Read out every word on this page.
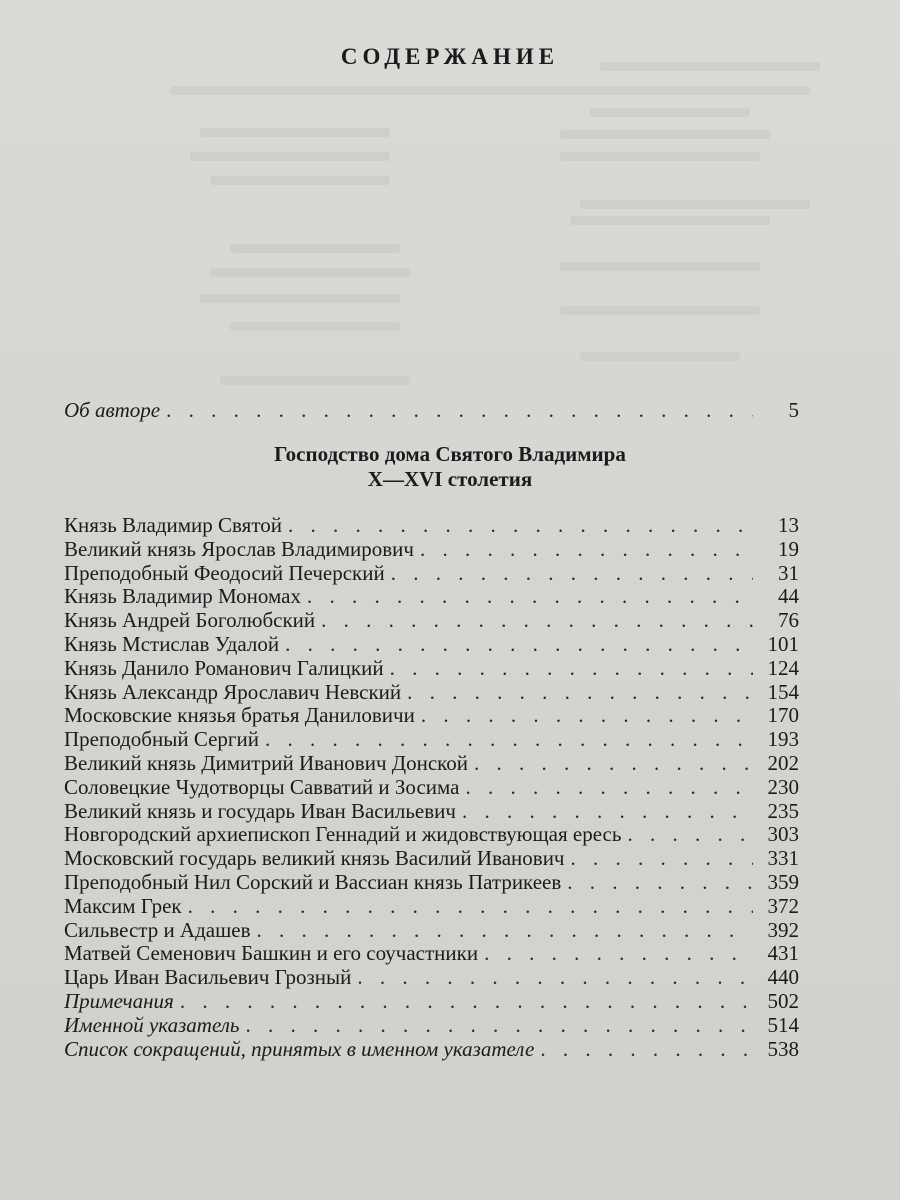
СОДЕРЖАНИЕ
Об авторе . . .	5
Господство дома Святого Владимира
X—XVI столетия
Князь Владимир Святой . . .	13
Великий князь Ярослав Владимирович . . .	19
Преподобный Феодосий Печерский . . .	31
Князь Владимир Мономах . . .	44
Князь Андрей Боголюбский . . .	76
Князь Мстислав Удалой . . .	101
Князь Данило Романович Галицкий . . .	124
Князь Александр Ярославич Невский . . .	154
Московские князья братья Даниловичи . . .	170
Преподобный Сергий . . .	193
Великий князь Димитрий Иванович Донской . . .	202
Соловецкие Чудотворцы Савватий и Зосима . . .	230
Великий князь и государь Иван Васильевич . . .	235
Новгородский архиепископ Геннадий и жидовствующая ересь . . .	303
Московский государь великий князь Василий Иванович . . .	331
Преподобный Нил Сорский и Вассиан князь Патрикеев . . .	359
Максим Грек . . .	372
Сильвестр и Адашев . . .	392
Матвей Семенович Башкин и его соучастники . . .	431
Царь Иван Васильевич Грозный . . .	440
Примечания . . .	502
Именной указатель . . .	514
Список сокращений, принятых в именном указателе . . .	538
